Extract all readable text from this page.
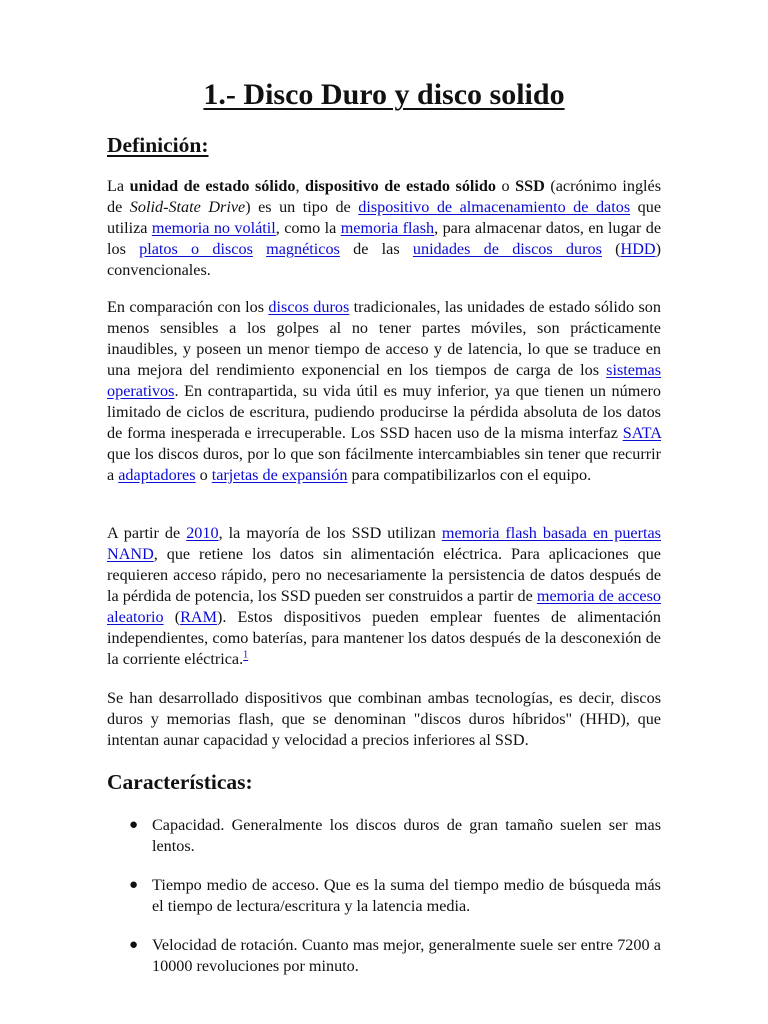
1.- Disco Duro y disco solido
Definición:

La unidad de estado sólido, dispositivo de estado sólido o SSD (acrónimo inglés de Solid-State Drive) es un tipo de dispositivo de almacenamiento de datos que utiliza memoria no volátil, como la memoria flash, para almacenar datos, en lugar de los platos o discos magnéticos de las unidades de discos duros (HDD) convencionales.

En comparación con los discos duros tradicionales, las unidades de estado sólido son menos sensibles a los golpes al no tener partes móviles, son prácticamente inaudibles, y poseen un menor tiempo de acceso y de latencia, lo que se traduce en una mejora del rendimiento exponencial en los tiempos de carga de los sistemas operativos. En contrapartida, su vida útil es muy inferior, ya que tienen un número limitado de ciclos de escritura, pudiendo producirse la pérdida absoluta de los datos de forma inesperada e irrecuperable. Los SSD hacen uso de la misma interfaz SATA que los discos duros, por lo que son fácilmente intercambiables sin tener que recurrir a adaptadores o tarjetas de expansión para compatibilizarlos con el equipo.

A partir de 2010, la mayoría de los SSD utilizan memoria flash basada en puertas NAND, que retiene los datos sin alimentación eléctrica. Para aplicaciones que requieren acceso rápido, pero no necesariamente la persistencia de datos después de la pérdida de potencia, los SSD pueden ser construidos a partir de memoria de acceso aleatorio (RAM). Estos dispositivos pueden emplear fuentes de alimentación independientes, como baterías, para mantener los datos después de la desconexión de la corriente eléctrica.$^1$

Se han desarrollado dispositivos que combinan ambas tecnologías, es decir, discos duros y memorias flash, que se denominan "discos duros híbridos" (HHD), que intentan aunar capacidad y velocidad a precios inferiores al SSD.

Características:
● Capacidad. Generalmente los discos duros de gran tamaño suelen ser mas lentos.
● Tiempo medio de acceso. Que es la suma del tiempo medio de búsqueda más el tiempo de lectura/escritura y la latencia media.
● Velocidad de rotación. Cuanto mas mejor, generalmente suele ser entre 7200 a 10000 revoluciones por minuto.
